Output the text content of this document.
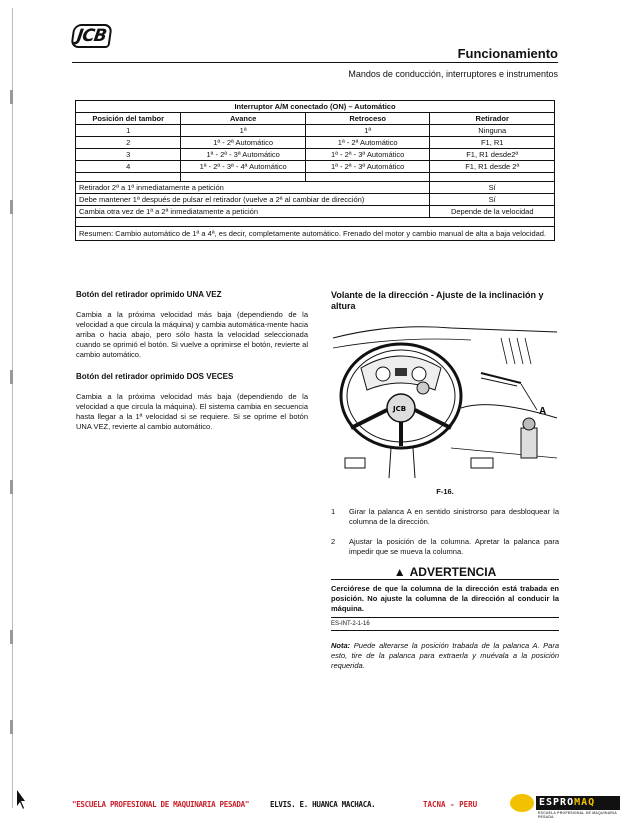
JCB
Funcionamiento
Mandos de conducción, interruptores e instrumentos
Interruptor A/M conectado (ON) – Automático			
Posición del tambor	Avance	Retroceso	Retirador
1	1ª	1ª	Ninguna
2	1ª - 2ª Automático	1ª - 2ª Automático	F1, R1
3	1ª - 2ª - 3ª Automático	1ª - 2ª - 3ª Automático	F1, R1 desde2ª
4	1ª - 2ª - 3ª - 4ª Automático	1ª - 2ª - 3ª Automático	F1, R1 desde 2ª

Retirador 2ª a 1ª inmediatamente a petición			Sí
Debe mantener 1ª después de pulsar el retirador (vuelve a 2ª al cambiar de dirección)			Sí
Cambia otra vez de 1ª a 2ª inmediatamente a petición			Depende de la velocidad

Resumen: Cambio automático de 1ª a 4ª, es decir, completamente automático. Frenado del motor y cambio manual de alta a baja velocidad.			
Botón del retirador oprimido UNA VEZ

Cambia a la próxima velocidad más baja (dependiendo de la velocidad a que circula la máquina) y cambia automática-mente hacia arriba o hacia abajo, pero sólo hasta la velocidad seleccionada cuando se oprimió el botón. Si vuelve a oprimirse el botón, revierte al cambio automático.

Botón del retirador oprimido DOS VECES

Cambia a la próxima velocidad más baja (dependiendo de la velocidad a que circula la máquina). El sistema cambia en secuencia hasta llegar a la 1ª velocidad si se requiere. Si se oprime el botón UNA VEZ, revierte al cambio automático.

Volante de la dirección - Ajuste de la inclinación y altura
JCB	A
F-16.
1 Girar la palanca A en sentido sinistrorso para desbloquear la columna de la dirección.
2 Ajustar la posición de la columna. Apretar la palanca para impedir que se mueva la columna.
▲ ADVERTENCIA
Cerciórese de que la columna de la dirección está trabada en posición. No ajuste la columna de la dirección al conducir la máquina.
ES-INT-2-1-16
Nota: Puede alterarse la posición trabada de la palanca A. Para esto, tire de la palanca para extraerla y muévala a la posición requerida.
"ESCUELA PROFESIONAL DE MAQUINARIA PESADA"	ELVIS. E. HUANCA MACHACA.	TACNA - PERU	ESPROMAQ
ESCUELA PROFESIONAL DE MAQUINARIA PESADA
